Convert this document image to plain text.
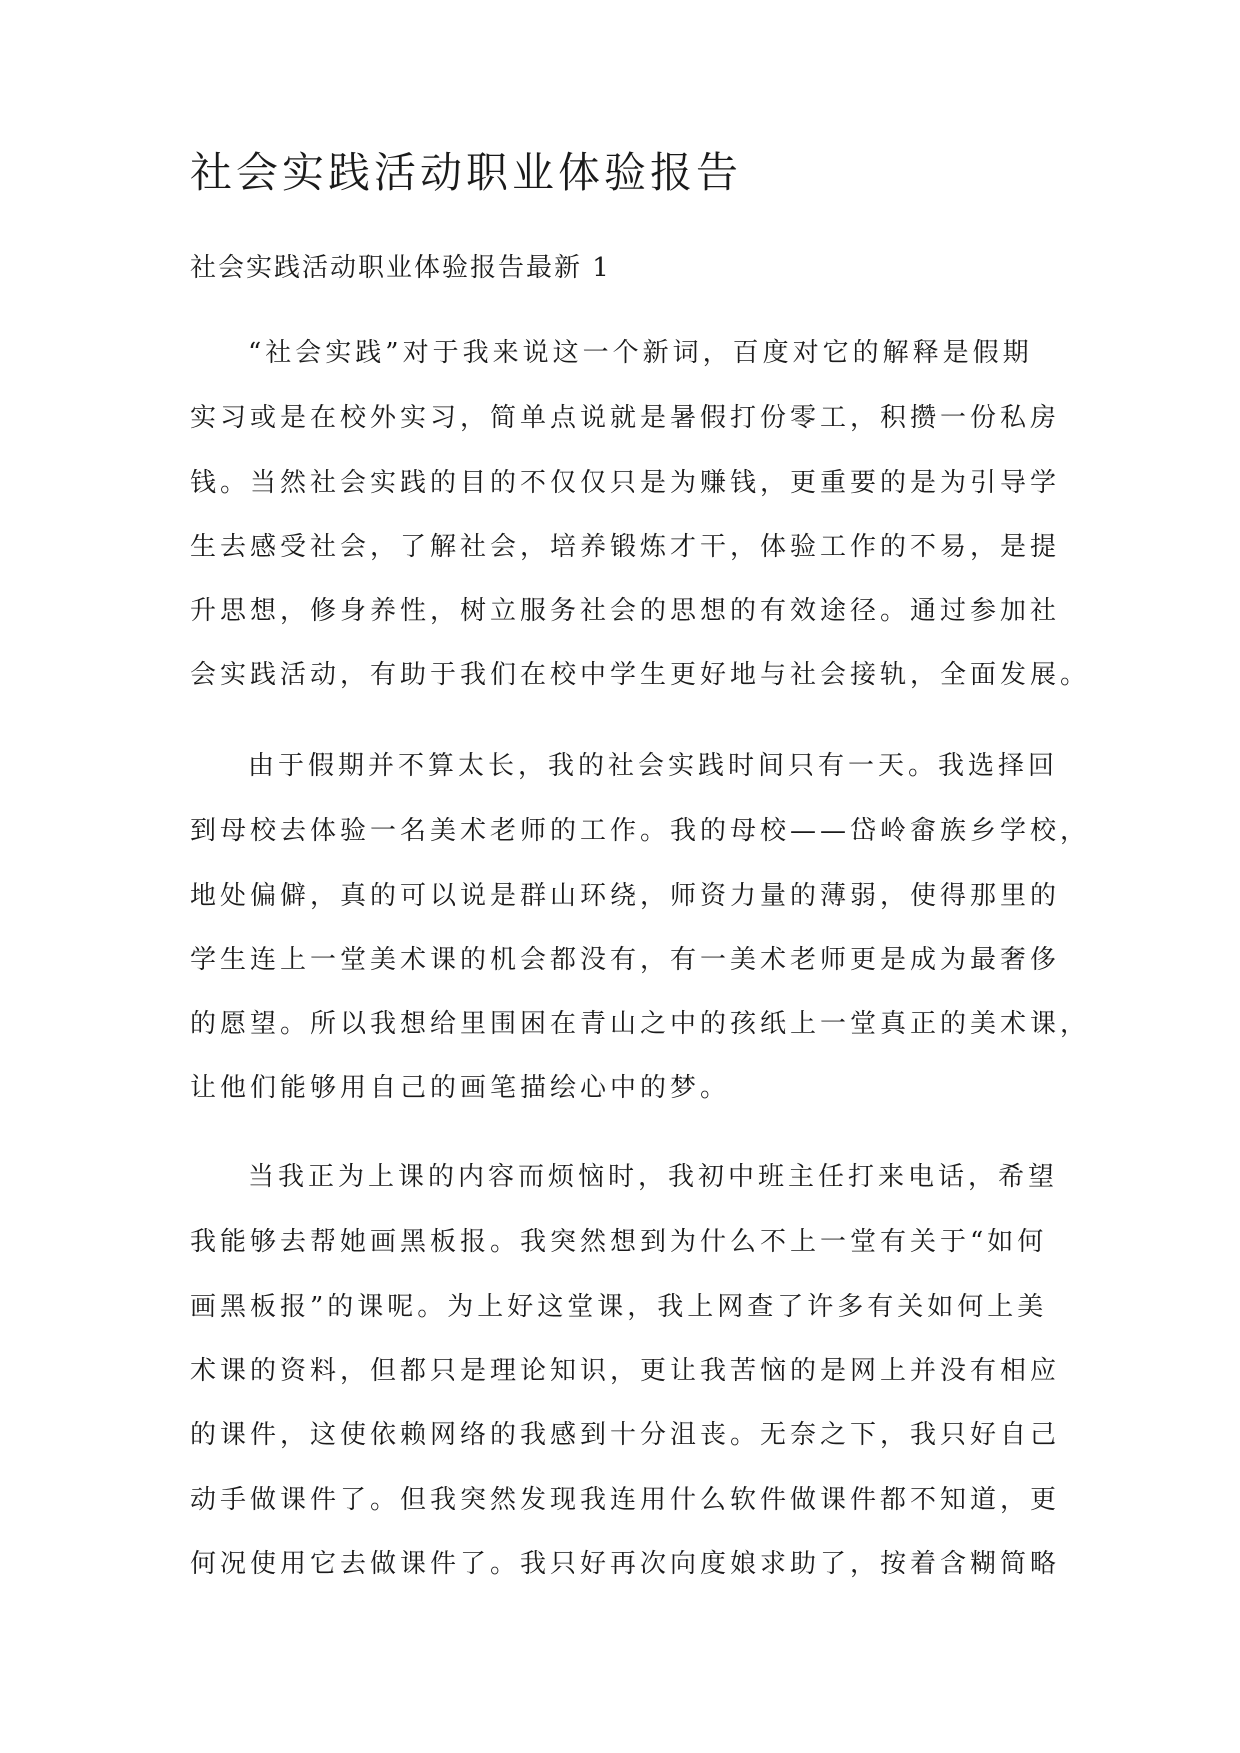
社会实践活动职业体验报告
社会实践活动职业体验报告最新 1
“社会实践”对于我来说这一个新词，百度对它的解释是假期
实习或是在校外实习，简单点说就是暑假打份零工，积攒一份私房
钱。当然社会实践的目的不仅仅只是为赚钱，更重要的是为引导学
生去感受社会，了解社会，培养锻炼才干，体验工作的不易，是提
升思想，修身养性，树立服务社会的思想的有效途径。通过参加社
会实践活动，有助于我们在校中学生更好地与社会接轨，全面发展。
由于假期并不算太长，我的社会实践时间只有一天。我选择回
到母校去体验一名美术老师的工作。我的母校——岱岭畲族乡学校，
地处偏僻，真的可以说是群山环绕，师资力量的薄弱，使得那里的
学生连上一堂美术课的机会都没有，有一美术老师更是成为最奢侈
的愿望。所以我想给里围困在青山之中的孩纸上一堂真正的美术课，
让他们能够用自己的画笔描绘心中的梦。
当我正为上课的内容而烦恼时，我初中班主任打来电话，希望
我能够去帮她画黑板报。我突然想到为什么不上一堂有关于“如何
画黑板报”的课呢。为上好这堂课，我上网查了许多有关如何上美
术课的资料，但都只是理论知识，更让我苦恼的是网上并没有相应
的课件，这使依赖网络的我感到十分沮丧。无奈之下，我只好自己
动手做课件了。但我突然发现我连用什么软件做课件都不知道，更
何况使用它去做课件了。我只好再次向度娘求助了，按着含糊简略
